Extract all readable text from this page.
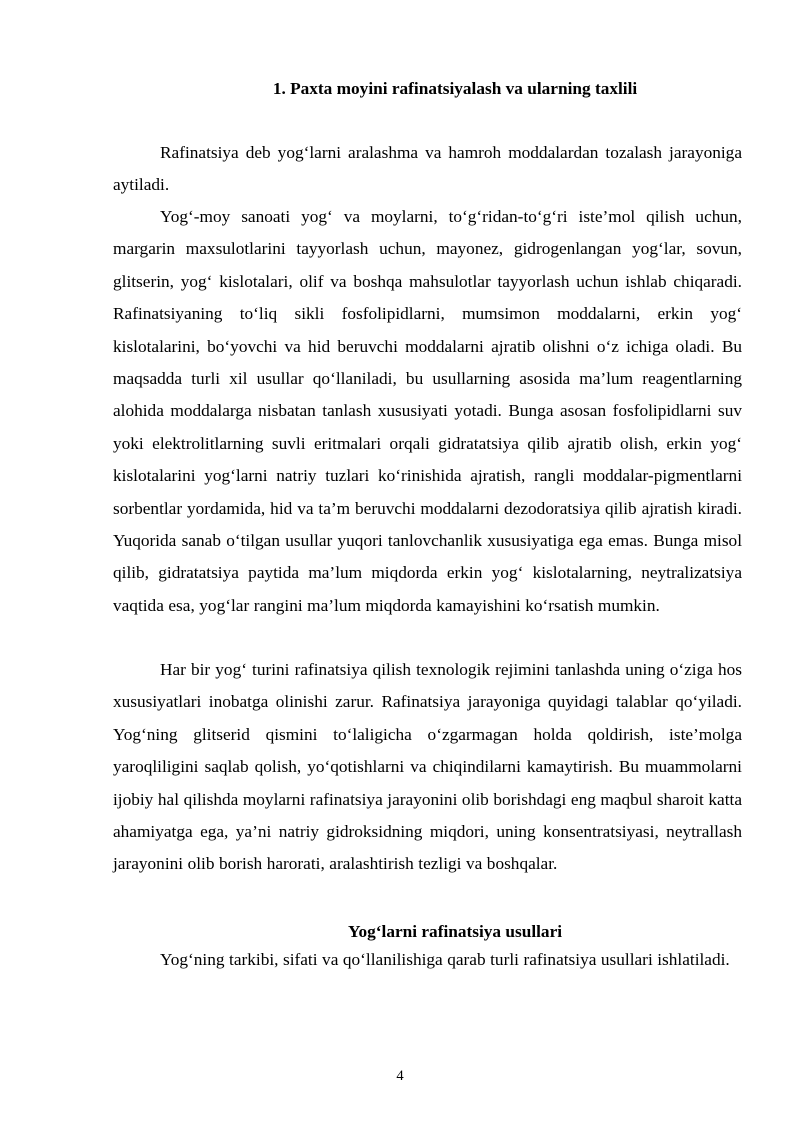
1. Paxta moyini rafinatsiyalash va ularning taxlili

Rafinatsiya deb yog‘larni aralashma va hamroh moddalardan tozalash jarayoniga aytiladi.

Yog‘-moy sanoati yog‘ va moylarni, to‘g‘ridan-to‘g‘ri iste’mol qilish uchun, margarin maxsulotlarini tayyorlash uchun, mayonez, gidrogenlangan yog‘lar, sovun, glitserin, yog‘ kislotalari, olif va boshqa mahsulotlar tayyorlash uchun ishlab chiqaradi. Rafinatsiyaning to‘liq sikli fosfolipidlarni, mumsimon moddalarni, erkin yog‘ kislotalarini, bo‘yovchi va hid beruvchi moddalarni ajratib olishni o‘z ichiga oladi. Bu maqsadda turli xil usullar qo‘llaniladi, bu usullarning asosida ma’lum reagentlarning alohida moddalarga nisbatan tanlash xususiyati yotadi. Bunga asosan fosfolipidlarni suv yoki elektrolitlarning suvli eritmalari orqali gidratatsiya qilib ajratib olish, erkin yog‘ kislotalarini yog‘larni natriy tuzlari ko‘rinishida ajratish, rangli moddalar-pigmentlarni sorbentlar yordamida, hid va ta’m beruvchi moddalarni dezodoratsiya qilib ajratish kiradi. Yuqorida sanab o‘tilgan usullar yuqori tanlovchanlik xususiyatiga ega emas. Bunga misol qilib, gidratatsiya paytida ma’lum miqdorda erkin yog‘ kislotalarning, neytralizatsiya vaqtida esa, yog‘lar rangini ma’lum miqdorda kamayishini ko‘rsatish mumkin.

Har bir yog‘ turini rafinatsiya qilish texnologik rejimini tanlashda uning o‘ziga hos xususiyatlari inobatga olinishi zarur. Rafinatsiya jarayoniga quyidagi talablar qo‘yiladi. Yog‘ning glitserid qismini to‘laligicha o‘zgarmagan holda qoldirish, iste’molga yaroqliligini saqlab qolish, yo‘qotishlarni va chiqindilarni kamaytirish. Bu muammolarni ijobiy hal qilishda moylarni rafinatsiya jarayonini olib borishdagi eng maqbul sharoit katta ahamiyatga ega, ya’ni natriy gidroksidning miqdori, uning konsentratsiyasi, neytrallash jarayonini olib borish harorati, aralashtirish tezligi va boshqalar.

Yog‘larni rafinatsiya usullari

Yog‘ning tarkibi, sifati va qo‘llanilishiga qarab turli rafinatsiya usullari ishlatiladi.

4
